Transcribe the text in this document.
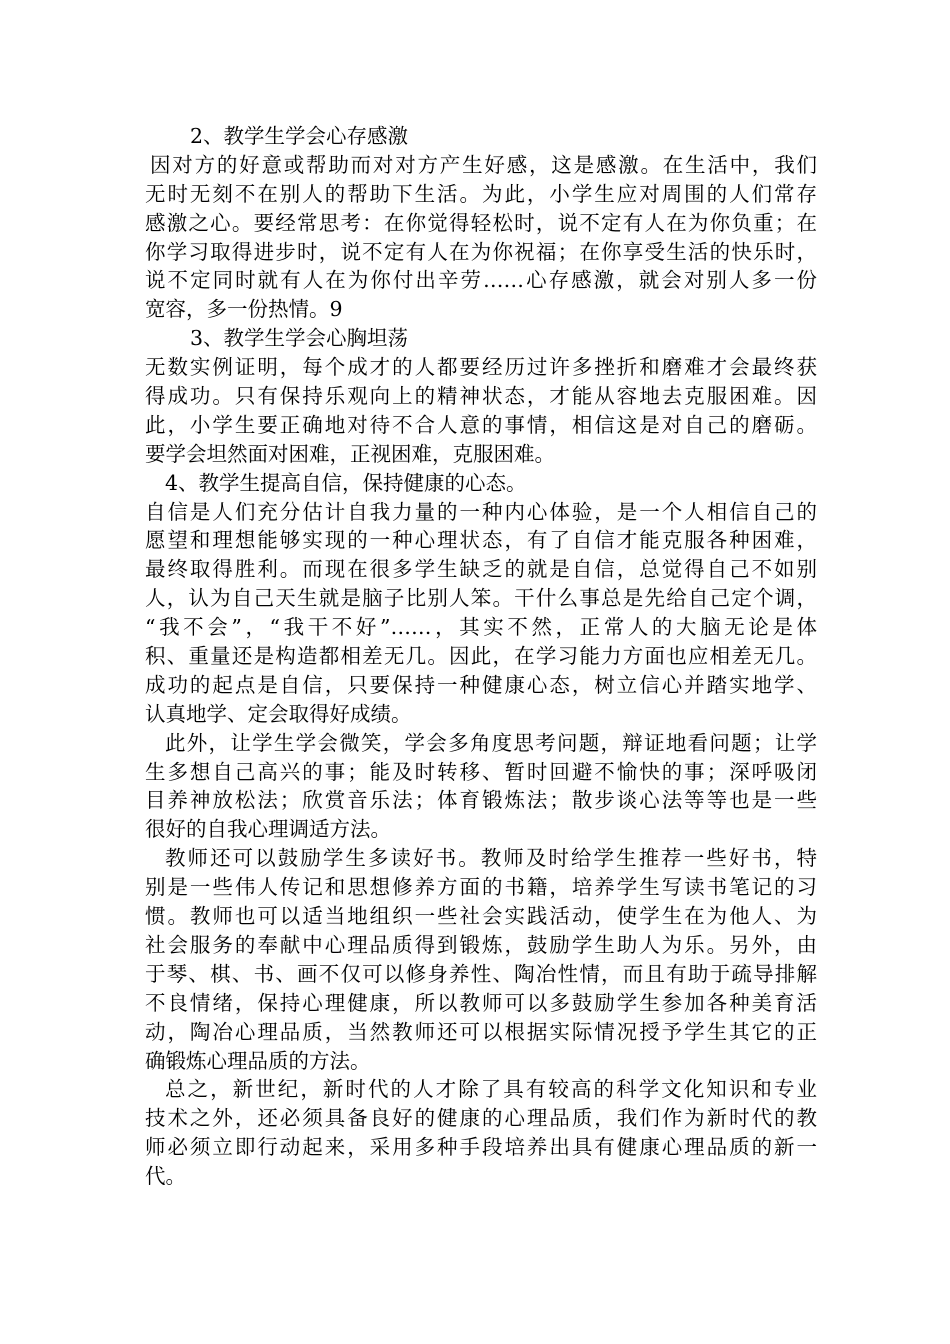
2、教学生学会心存感激
因对方的好意或帮助而对对方产生好感，这是感激。在生活中，我们
无时无刻不在别人的帮助下生活。为此，小学生应对周围的人们常存
感激之心。要经常思考：在你觉得轻松时，说不定有人在为你负重；在
你学习取得进步时，说不定有人在为你祝福；在你享受生活的快乐时，
说不定同时就有人在为你付出辛劳……心存感激，就会对别人多一份
宽容，多一份热情。9
3、教学生学会心胸坦荡
无数实例证明，每个成才的人都要经历过许多挫折和磨难才会最终获
得成功。只有保持乐观向上的精神状态，才能从容地去克服困难。因
此，小学生要正确地对待不合人意的事情，相信这是对自己的磨砺。
要学会坦然面对困难，正视困难，克服困难。
4、教学生提高自信，保持健康的心态。
自信是人们充分估计自我力量的一种内心体验，是一个人相信自己的
愿望和理想能够实现的一种心理状态，有了自信才能克服各种困难，
最终取得胜利。而现在很多学生缺乏的就是自信，总觉得自己不如别
人，认为自己天生就是脑子比别人笨。干什么事总是先给自己定个调，
“我不会”，“我干不好”……，其实不然，正常人的大脑无论是体
积、重量还是构造都相差无几。因此，在学习能力方面也应相差无几。
成功的起点是自信，只要保持一种健康心态，树立信心并踏实地学、
认真地学、定会取得好成绩。
此外，让学生学会微笑，学会多角度思考问题，辩证地看问题；让学
生多想自己高兴的事；能及时转移、暂时回避不愉快的事；深呼吸闭
目养神放松法；欣赏音乐法；体育锻炼法；散步谈心法等等也是一些
很好的自我心理调适方法。
教师还可以鼓励学生多读好书。教师及时给学生推荐一些好书，特
别是一些伟人传记和思想修养方面的书籍，培养学生写读书笔记的习
惯。教师也可以适当地组织一些社会实践活动，使学生在为他人、为
社会服务的奉献中心理品质得到锻炼，鼓励学生助人为乐。另外，由
于琴、棋、书、画不仅可以修身养性、陶冶性情，而且有助于疏导排解
不良情绪，保持心理健康，所以教师可以多鼓励学生参加各种美育活
动，陶冶心理品质，当然教师还可以根据实际情况授予学生其它的正
确锻炼心理品质的方法。
总之，新世纪，新时代的人才除了具有较高的科学文化知识和专业
技术之外，还必须具备良好的健康的心理品质，我们作为新时代的教
师必须立即行动起来，采用多种手段培养出具有健康心理品质的新一
代。
